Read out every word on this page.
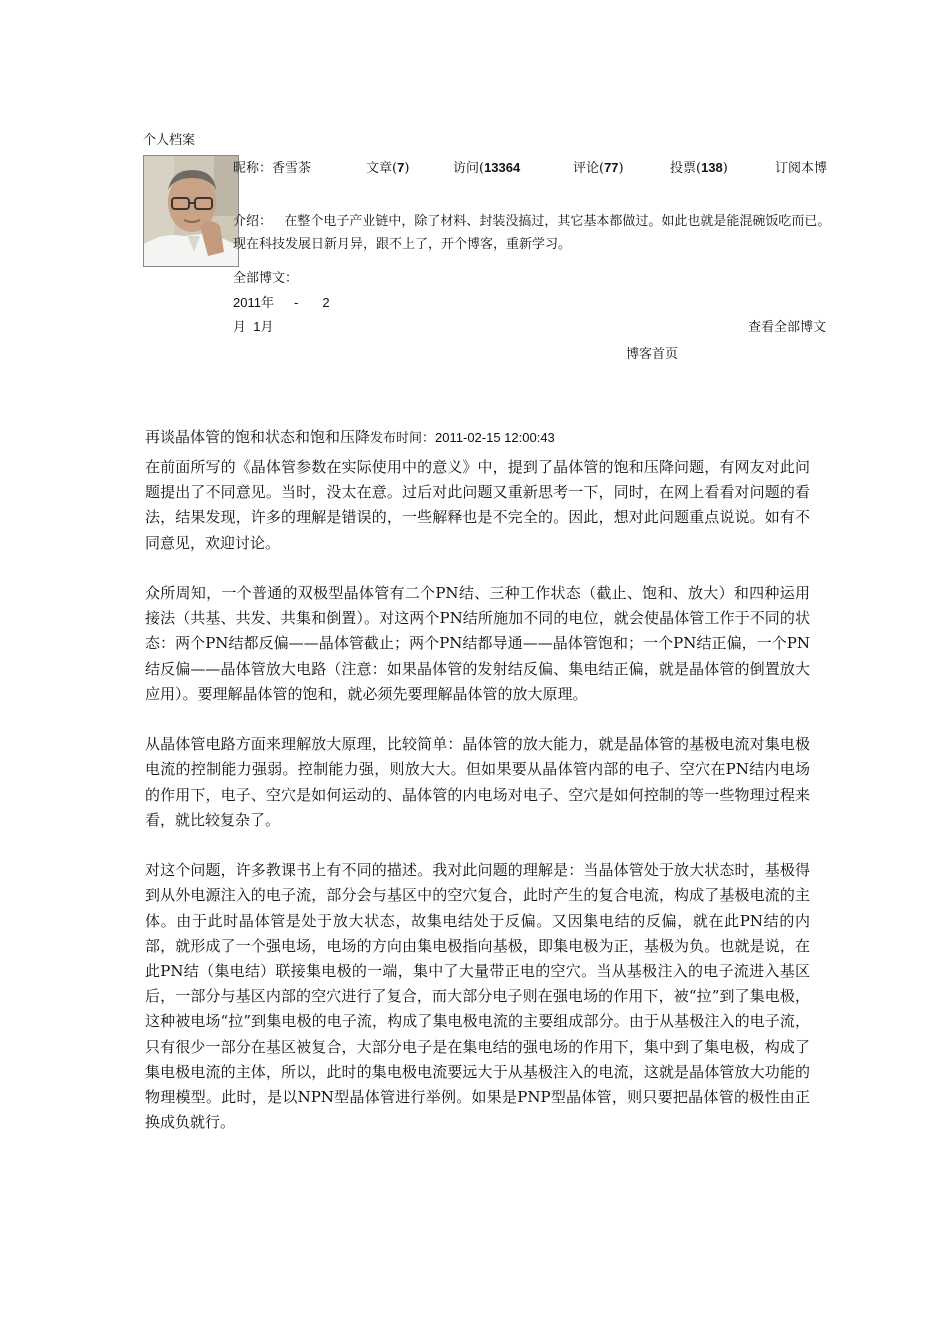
个人档案
昵称：香雪茶	文章(7)	访问(13364	评论(77)	投票(138)	订阅本博
介绍： 在整个电子产业链中，除了材料、封装没搞过，其它基本都做过。如此也就是能混碗饭吃而已。现在科技发展日新月异，跟不上了，开个博客，重新学习。
全部博文：
2011年 - 2
月 1月	查看全部博文
博客首页
再谈晶体管的饱和状态和饱和压降发布时间：2011-02-15 12:00:43

在前面所写的《晶体管参数在实际使用中的意义》中，提到了晶体管的饱和压降问题，有网友对此问题提出了不同意见。当时，没太在意。过后对此问题又重新思考一下，同时，在网上看看对问题的看法，结果发现，许多的理解是错误的，一些解释也是不完全的。因此，想对此问题重点说说。如有不同意见，欢迎讨论。

众所周知，一个普通的双极型晶体管有二个PN结、三种工作状态（截止、饱和、放大）和四种运用接法（共基、共发、共集和倒置）。对这两个PN结所施加不同的电位，就会使晶体管工作于不同的状态：两个PN结都反偏——晶体管截止；两个PN结都导通——晶体管饱和；一个PN结正偏，一个PN结反偏——晶体管放大电路（注意：如果晶体管的发射结反偏、集电结正偏，就是晶体管的倒置放大应用）。要理解晶体管的饱和，就必须先要理解晶体管的放大原理。

从晶体管电路方面来理解放大原理，比较简单：晶体管的放大能力，就是晶体管的基极电流对集电极电流的控制能力强弱。控制能力强，则放大大。但如果要从晶体管内部的电子、空穴在PN结内电场的作用下，电子、空穴是如何运动的、晶体管的内电场对电子、空穴是如何控制的等一些物理过程来看，就比较复杂了。

对这个问题，许多教课书上有不同的描述。我对此问题的理解是：当晶体管处于放大状态时，基极得到从外电源注入的电子流，部分会与基区中的空穴复合，此时产生的复合电流，构成了基极电流的主体。由于此时晶体管是处于放大状态，故集电结处于反偏。又因集电结的反偏，就在此PN结的内部，就形成了一个强电场，电场的方向由集电极指向基极，即集电极为正，基极为负。也就是说，在此PN结（集电结）联接集电极的一端，集中了大量带正电的空穴。当从基极注入的电子流进入基区后，一部分与基区内部的空穴进行了复合，而大部分电子则在强电场的作用下，被“拉”到了集电极，这种被电场“拉”到集电极的电子流，构成了集电极电流的主要组成部分。由于从基极注入的电子流，只有很少一部分在基区被复合，大部分电子是在集电结的强电场的作用下，集中到了集电极，构成了集电极电流的主体，所以，此时的集电极电流要远大于从基极注入的电流，这就是晶体管放大功能的物理模型。此时，是以NPN型晶体管进行举例。如果是PNP型晶体管，则只要把晶体管的极性由正换成负就行。
